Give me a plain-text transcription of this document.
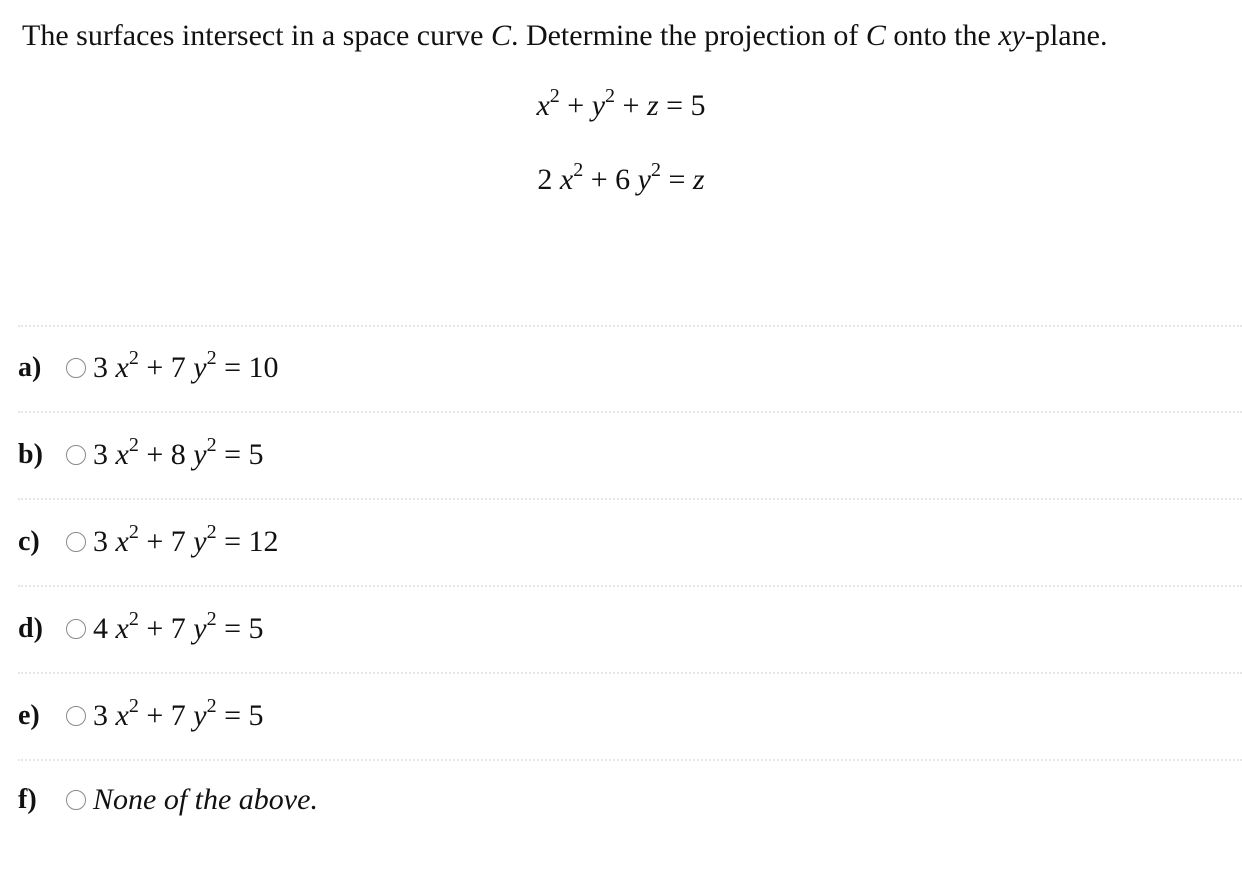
The surfaces intersect in a space curve C. Determine the projection of C onto the xy-plane.
$x^2 + y^2 + z = 5$
2 $x^2 + 6$ $y^2 = z$
a)	3 $x^2 + 7$ $y^2 = 10$
b)	3 $x^2 + 8$ $y^2 = 5$
c)	3 $x^2 + 7$ $y^2 = 12$
d)	4 $x^2 + 7$ $y^2 = 5$
e)	3 $x^2 + 7$ $y^2 = 5$
f)	None of the above.
